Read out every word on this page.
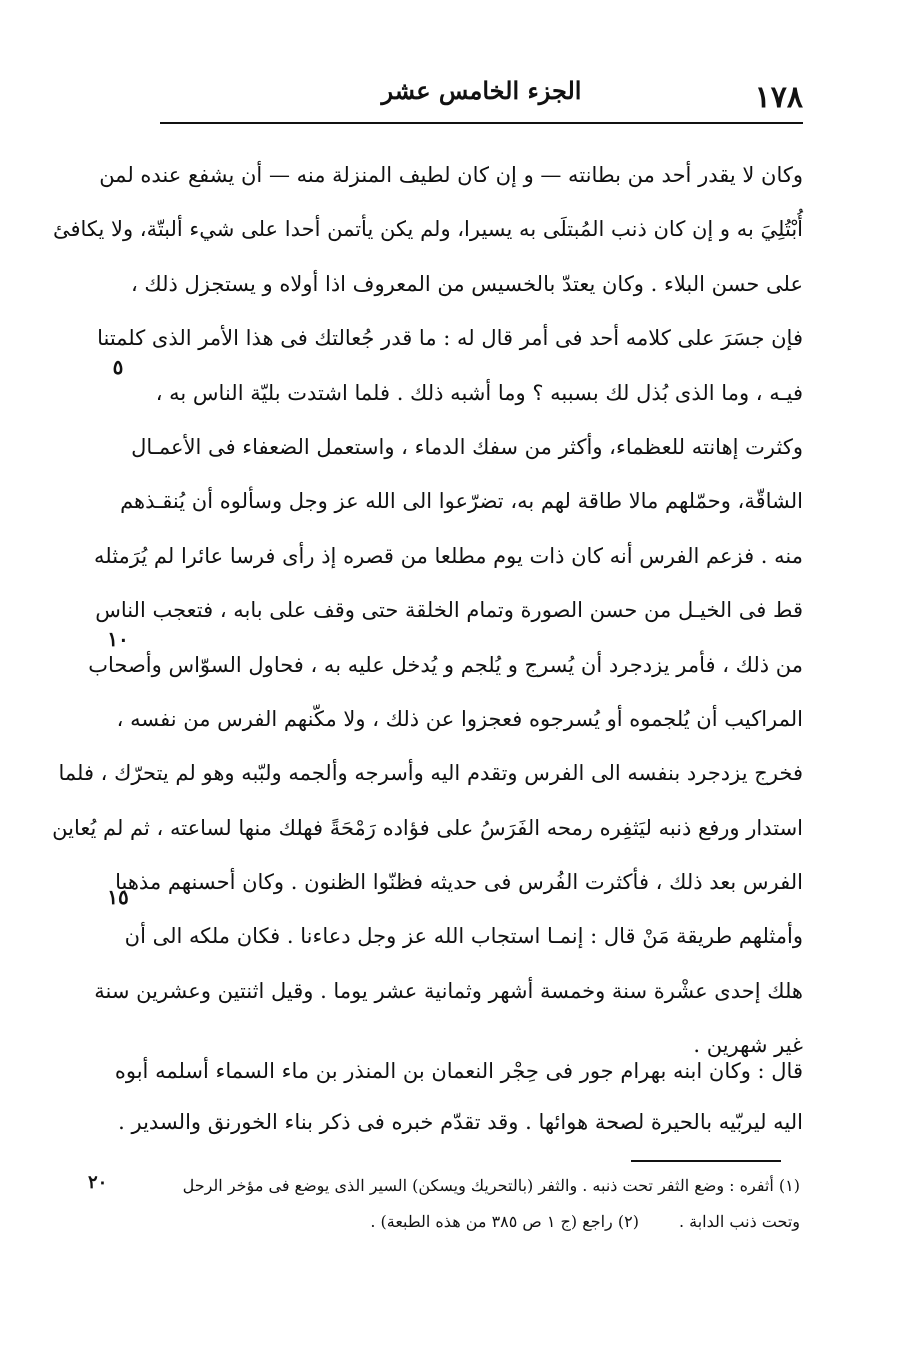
١٧٨
الجزء الخامس عشر
وكان لا يقدر أحد من بطانته — و إن كان لطيف المنزلة منه — أن يشفع عنده لمن
أُبْتُلِيَ به و إن كان ذنب المُبتلَى به يسيرا، ولم يكن يأتمن أحدا على شيء ألبتّة، ولا يكافئ
على حسن البلاء . وكان يعتدّ بالخسيس من المعروف اذا أولاه و يستجزل ذلك ،
فإن جسَرَ على كلامه أحد فى أمر قال له : ما قدر جُعالتك فى هذا الأمر الذى كلمتنا
فيـه ، وما الذى بُذل لك بسببه ؟ وما أشبه ذلك . فلما اشتدت بليّة الناس به ،
وكثرت إهانته للعظماء، وأكثر من سفك الدماء ، واستعمل الضعفاء فى الأعمـال
الشاقّة، وحمّلهم مالا طاقة لهم به، تضرّعوا الى الله عز وجل وسألوه أن يُنقـذهم
منه . فزعم الفرس أنه كان ذات يوم مطلعا من قصره إذ رأى فرسا عائرا لم يُرَمثله
قط فى الخيـل من حسن الصورة وتمام الخلقة حتى وقف على بابه ، فتعجب الناس
من ذلك ، فأمر يزدجرد أن يُسرج و يُلجم و يُدخل عليه به ، فحاول السوّاس وأصحاب
المراكيب أن يُلجموه أو يُسرجوه فعجزوا عن ذلك ، ولا مكّنهم الفرس من نفسه ،
فخرج يزدجرد بنفسه الى الفرس وتقدم اليه وأسرجه وألجمه ولبّبه وهو لم يتحرّك ، فلما
استدار ورفع ذنبه ليَثفِره رمحه الفَرَسُ على فؤاده رَمْحَةً فهلك منها لساعته ، ثم لم يُعاين
الفرس بعد ذلك ، فأكثرت الفُرس فى حديثه فظنّوا الظنون . وكان أحسنهم مذهبا
وأمثلهم طريقة مَنْ قال : إنمـا استجاب الله عز وجل دعاءنا . فكان ملكه الى أن
هلك إحدى عشْرة سنة وخمسة أشهر وثمانية عشر يوما . وقيل اثنتين وعشرين سنة
غير شهرين .
قال : وكان ابنه بهرام جور فى حِجْر النعمان بن المنذر بن ماء السماء أسلمه أبوه
اليه ليربّيه بالحيرة لصحة هوائها . وقد تقدّم خبره فى ذكر بناء الخورنق والسدير .
٥
١٠
١٥
٢٠	(١) أثفره : وضع الثفر تحت ذنبه . والثفر (بالتحريك ويسكن) السير الذى يوضع فى مؤخر الرحل
وتحت ذنب الدابة .
(٢) راجع (ج ١ ص ٣٨٥ من هذه الطبعة) .
